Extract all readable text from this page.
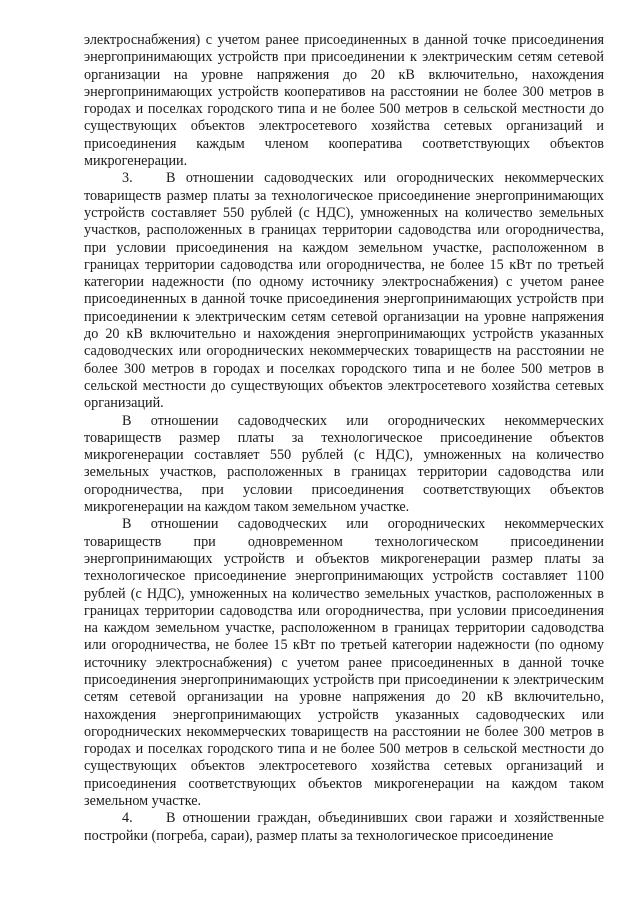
электроснабжения) с учетом ранее присоединенных в данной точке присоединения энергопринимающих устройств при присоединении к электрическим сетям сетевой организации на уровне напряжения до 20 кВ включительно, нахождения энергопринимающих устройств кооперативов на расстоянии не более 300 метров в городах и поселках городского типа и не более 500 метров в сельской местности до существующих объектов электросетевого хозяйства сетевых организаций и присоединения каждым членом кооператива соответствующих объектов микрогенерации.

3. В отношении садоводческих или огороднических некоммерческих товариществ размер платы за технологическое присоединение энергопринимающих устройств составляет 550 рублей (с НДС), умноженных на количество земельных участков, расположенных в границах территории садоводства или огородничества, при условии присоединения на каждом земельном участке, расположенном в границах территории садоводства или огородничества, не более 15 кВт по третьей категории надежности (по одному источнику электроснабжения) с учетом ранее присоединенных в данной точке присоединения энергопринимающих устройств при присоединении к электрическим сетям сетевой организации на уровне напряжения до 20 кВ включительно и нахождения энергопринимающих устройств указанных садоводческих или огороднических некоммерческих товариществ на расстоянии не более 300 метров в городах и поселках городского типа и не более 500 метров в сельской местности до существующих объектов электросетевого хозяйства сетевых организаций.

В отношении садоводческих или огороднических некоммерческих товариществ размер платы за технологическое присоединение объектов микрогенерации составляет 550 рублей (с НДС), умноженных на количество земельных участков, расположенных в границах территории садоводства или огородничества, при условии присоединения соответствующих объектов микрогенерации на каждом таком земельном участке.

В отношении садоводческих или огороднических некоммерческих товариществ при одновременном технологическом присоединении энергопринимающих устройств и объектов микрогенерации размер платы за технологическое присоединение энергопринимающих устройств составляет 1100 рублей (с НДС), умноженных на количество земельных участков, расположенных в границах территории садоводства или огородничества, при условии присоединения на каждом земельном участке, расположенном в границах территории садоводства или огородничества, не более 15 кВт по третьей категории надежности (по одному источнику электроснабжения) с учетом ранее присоединенных в данной точке присоединения энергопринимающих устройств при присоединении к электрическим сетям сетевой организации на уровне напряжения до 20 кВ включительно, нахождения энергопринимающих устройств указанных садоводческих или огороднических некоммерческих товариществ на расстоянии не более 300 метров в городах и поселках городского типа и не более 500 метров в сельской местности до существующих объектов электросетевого хозяйства сетевых организаций и присоединения соответствующих объектов микрогенерации на каждом таком земельном участке.

4. В отношении граждан, объединивших свои гаражи и хозяйственные постройки (погреба, сараи), размер платы за технологическое присоединение
